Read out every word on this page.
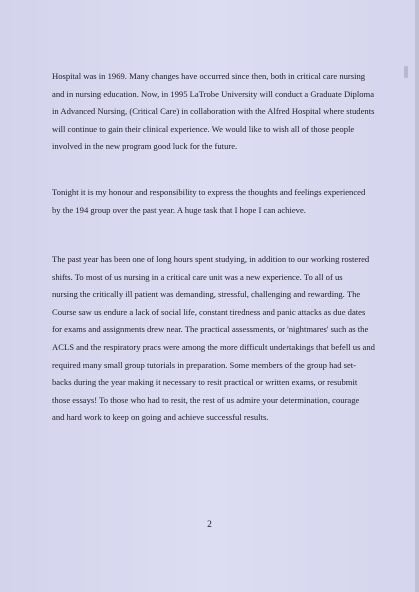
Hospital was in 1969. Many changes have occurred since then, both in critical care nursing
and in nursing education. Now, in 1995 LaTrobe University will conduct a Graduate Diploma
in Advanced Nursing, (Critical Care) in collaboration with the Alfred Hospital where students
will continue to gain their clinical experience. We would like to wish all of those people
involved in the new program good luck for the future.

Tonight it is my honour and responsibility to express the thoughts and feelings experienced
by the 194 group over the past year. A huge task that I hope I can achieve.

The past year has been one of long hours spent studying, in addition to our working rostered
shifts. To most of us nursing in a critical care unit was a new experience. To all of us
nursing the critically ill patient was demanding, stressful, challenging and rewarding. The
Course saw us endure a lack of social life, constant tiredness and panic attacks as due dates
for exams and assignments drew near. The practical assessments, or 'nightmares' such as the
ACLS and the respiratory pracs were among the more difficult undertakings that befell us and
required many small group tutorials in preparation. Some members of the group had set-
backs during the year making it necessary to resit practical or written exams, or resubmit
those essays! To those who had to resit, the rest of us admire your determination, courage
and hard work to keep on going and achieve successful results.

2
